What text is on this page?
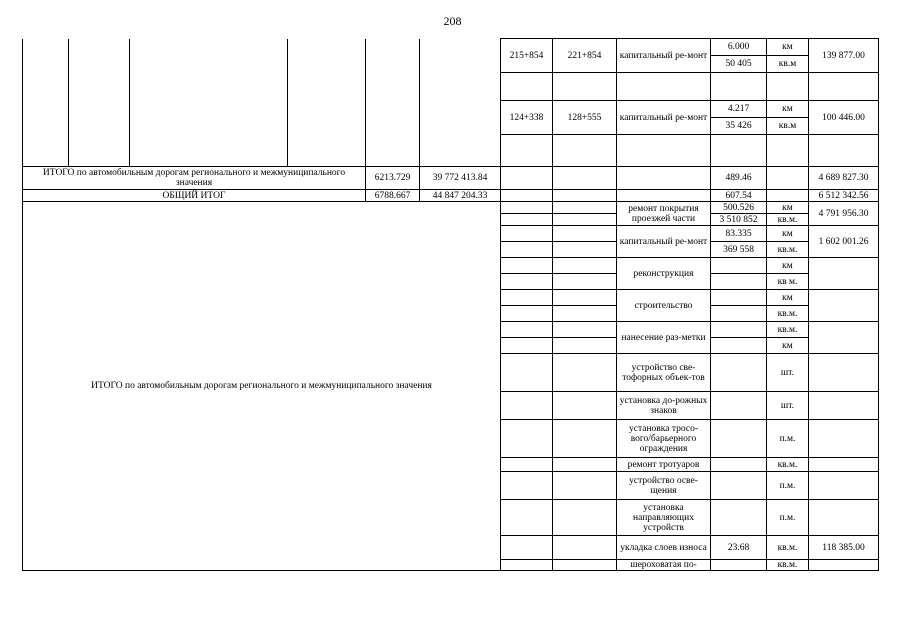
208
						215+854	221+854	капитальный ре-монт	6.000	км	139 877.00
									50 405	кв.м	

						124+338	128+555	капитальный ре-монт	4.217	км	100 446.00
									35 426	кв.м	

ИТОГО по автомобильным дорогам регионального и межмуниципального значения				6213.729	39 772 413.84				489.46		4 689 827.30
ОБЩИЙ ИТОГ				6788.667	44 847 204.33				607.54		6 512 342.56
ИТОГО по автомобильным дорогам регионального и межмуниципального значения								ремонт покрытия проезжей части	500.526	км	4 791 956.30
									3 510 852	кв.м.	
								капитальный ре-монт	83.335	км	1 602 001.26
									369 558	кв.м.	
								реконструкция		км	
										кв м.	
								строительство		км	
										кв.м.	
								нанесение раз-метки		кв.м.	
										км	
								устройство све-тофорных объек-тов		шт.	
								установка до-рожных знаков		шт.	
								установка тросо-вого/барьерного ограждения		п.м.	
								ремонт тротуаров		кв.м.	
								устройство осве-щения		п.м.	
								установка направляющих устройств		п.м.	
								укладка слоев износа	23.68	кв.м.	118 385.00
								шероховатая по-		кв.м.	
